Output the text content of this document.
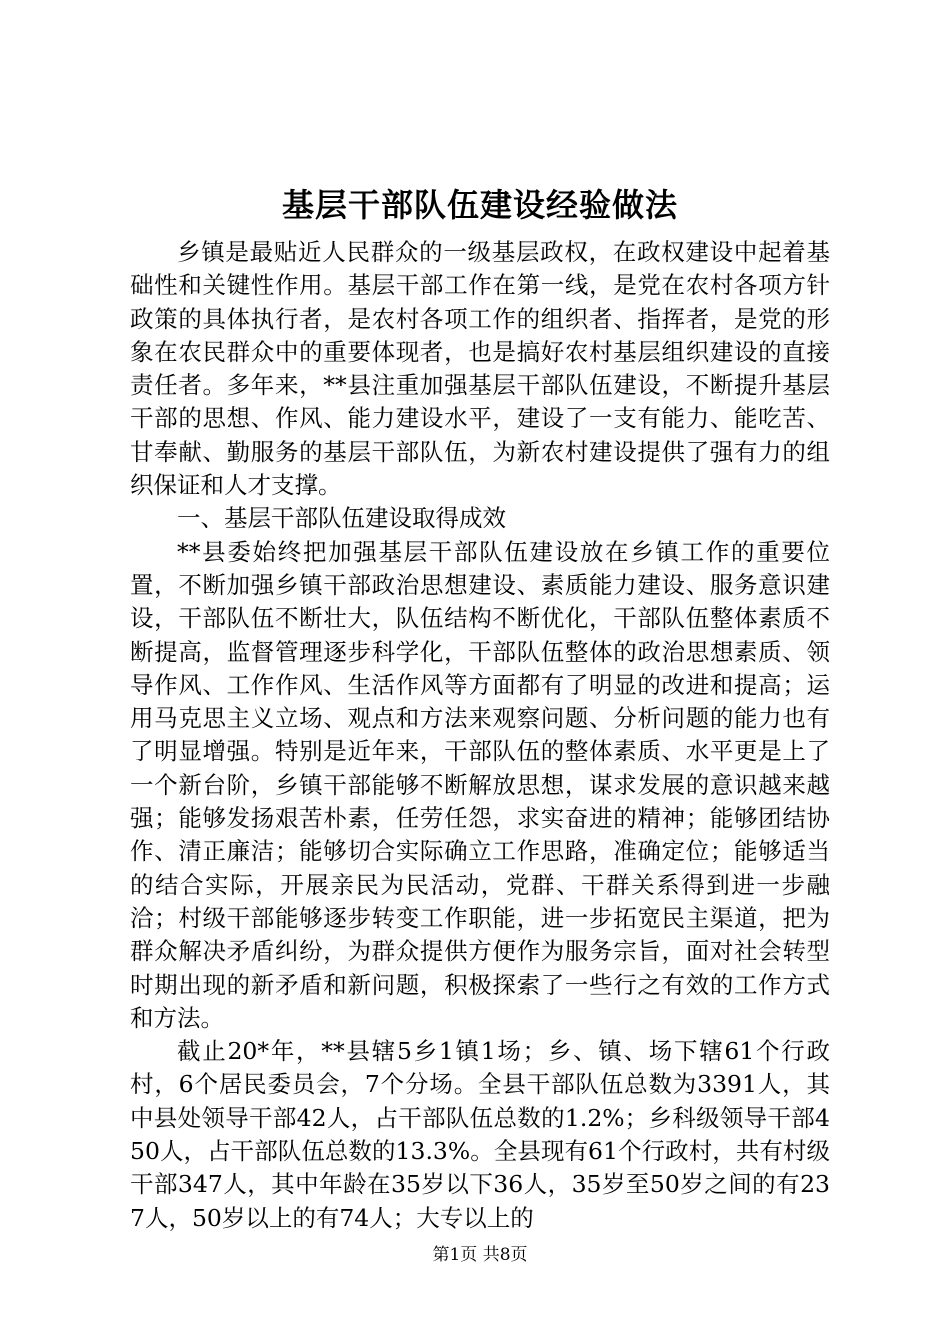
基层干部队伍建设经验做法

乡镇是最贴近人民群众的一级基层政权，在政权建设中起着基础性和关键性作用。基层干部工作在第一线，是党在农村各项方针政策的具体执行者，是农村各项工作的组织者、指挥者，是党的形象在农民群众中的重要体现者，也是搞好农村基层组织建设的直接责任者。多年来，**县注重加强基层干部队伍建设，不断提升基层干部的思想、作风、能力建设水平，建设了一支有能力、能吃苦、甘奉献、勤服务的基层干部队伍，为新农村建设提供了强有力的组织保证和人才支撑。

一、基层干部队伍建设取得成效

**县委始终把加强基层干部队伍建设放在乡镇工作的重要位置，不断加强乡镇干部政治思想建设、素质能力建设、服务意识建设，干部队伍不断壮大，队伍结构不断优化，干部队伍整体素质不断提高，监督管理逐步科学化，干部队伍整体的政治思想素质、领导作风、工作作风、生活作风等方面都有了明显的改进和提高；运用马克思主义立场、观点和方法来观察问题、分析问题的能力也有了明显增强。特别是近年来，干部队伍的整体素质、水平更是上了一个新台阶，乡镇干部能够不断解放思想，谋求发展的意识越来越强；能够发扬艰苦朴素，任劳任怨，求实奋进的精神；能够团结协作、清正廉洁；能够切合实际确立工作思路，准确定位；能够适当的结合实际，开展亲民为民活动，党群、干群关系得到进一步融洽；村级干部能够逐步转变工作职能，进一步拓宽民主渠道，把为群众解决矛盾纠纷，为群众提供方便作为服务宗旨，面对社会转型时期出现的新矛盾和新问题，积极探索了一些行之有效的工作方式和方法。

截止20*年，**县辖5乡1镇1场；乡、镇、场下辖61个行政村，6个居民委员会，7个分场。全县干部队伍总数为3391人，其中县处领导干部42人，占干部队伍总数的1.2%；乡科级领导干部450人，占干部队伍总数的13.3%。全县现有61个行政村，共有村级干部347人，其中年龄在35岁以下36人，35岁至50岁之间的有237人，50岁以上的有74人；大专以上的

第1页 共8页
